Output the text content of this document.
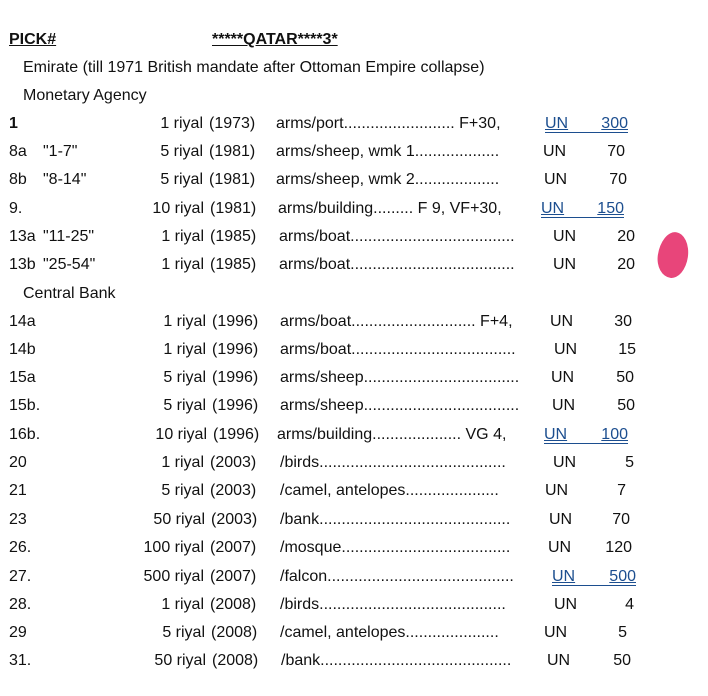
PICK#	*****QATAR****3*
Emirate (till 1971 British mandate after Ottoman Empire collapse)
Monetary Agency
Central Bank
1	1 riyal (1973) arms/port......................... F+30,	UN 300
8a "1-7"	5 riyal (1981) arms/sheep, wmk 1...................	UN	70
8b "8-14"	5 riyal (1981) arms/sheep, wmk 2...................	UN	70
9.	10 riyal (1981) arms/building......... F 9, VF+30, UN 150
13a "11-25"	1 riyal (1985) arms/boat..................................... UN	20
13b "25-54"	1 riyal (1985) arms/boat..................................... UN	20
14a	1 riyal (1996) arms/boat............................ F+4, UN	30
14b	1 riyal (1996) arms/boat..................................... UN	15
15a	5 riyal (1996) arms/sheep................................... UN	50
15b.	5 riyal (1996) arms/sheep................................... UN	50
16b.	10 riyal (1996) arms/building.................... VG 4, UN 100
20	1 riyal (2003) /birds..........................................	UN	5
21	5 riyal (2003) /camel, antelopes.....................	UN	7
23	50 riyal (2003) /bank........................................... UN	70
26.	100 riyal (2007) /mosque...................................... UN 120
27.	500 riyal (2007) /falcon.......................................... UN 500
28.	1 riyal (2008) /birds..........................................	UN	4
29	5 riyal (2008) /camel, antelopes.....................	UN	5
31.	50 riyal (2008) /bank........................................... UN	50
